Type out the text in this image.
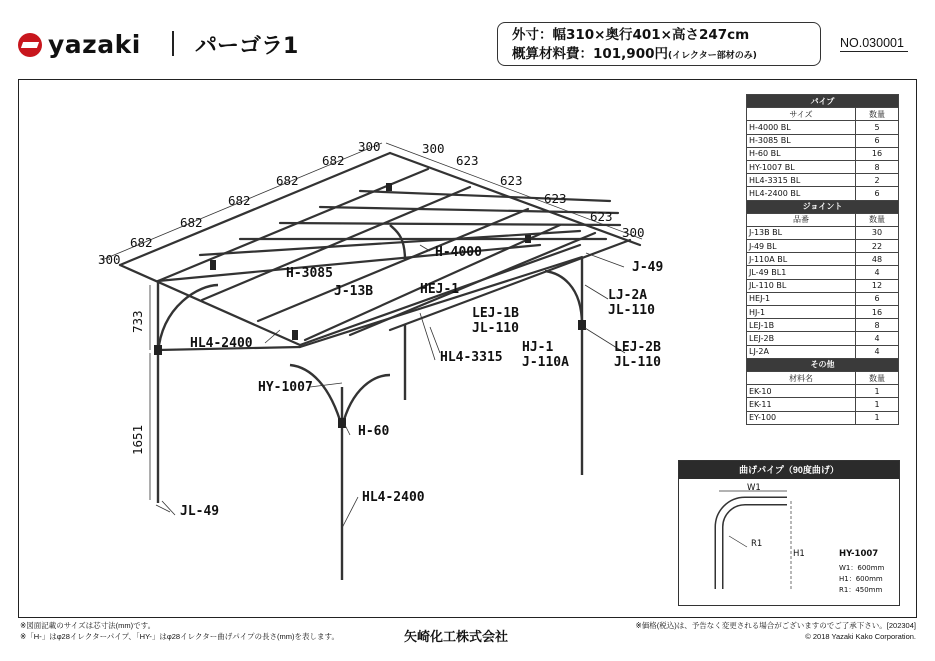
yazaki パーゴラ1	外寸：幅310×奥行401×高さ247cm
概算材料費：101,900円(イレクター部材のみ)
NO.030001
300
682
682
682
682
682
300	300
623
623
623
623
300
733
1651
H-4000
J-49
H-3085
J-13B	HEJ-1	LJ-2A
JL-110
LEJ-1B
JL-110
HL4-2400	HJ-1
J-110A
LEJ-2B
JL-110
HL4-3315
HY-1007
H-60
HL4-2400
JL-49
パイプ	
サイズ	数量
H-4000 BL	5
H-3085 BL	6
H-60 BL	16
HY-1007 BL	8
HL4-3315 BL	2
HL4-2400 BL	6
ジョイント	
品番	数量
J-13B BL	30
J-49 BL	22
J-110A BL	48
JL-49 BL1	4
JL-110 BL	12
HEJ-1	6
HJ-1	16
LEJ-1B	8
LEJ-2B	4
LJ-2A	4
その他	
材料名	数量
EK-10	1
EK-11	1
EY-100	1
曲げパイプ（90度曲げ）
W1
H1
R1
HY-1007
W1：600mm
H1：600mm
R1：450mm
※図面記載のサイズは芯寸法(mm)です。
※「H-」はφ28イレクターパイプ、「HY-」はφ28イレクター曲げパイプの長さ(mm)を表します。	矢崎化工株式会社
※価格(税込)は、予告なく変更される場合がございますのでご了承下さい。[202304]
© 2018 Yazaki Kako Corporation.
